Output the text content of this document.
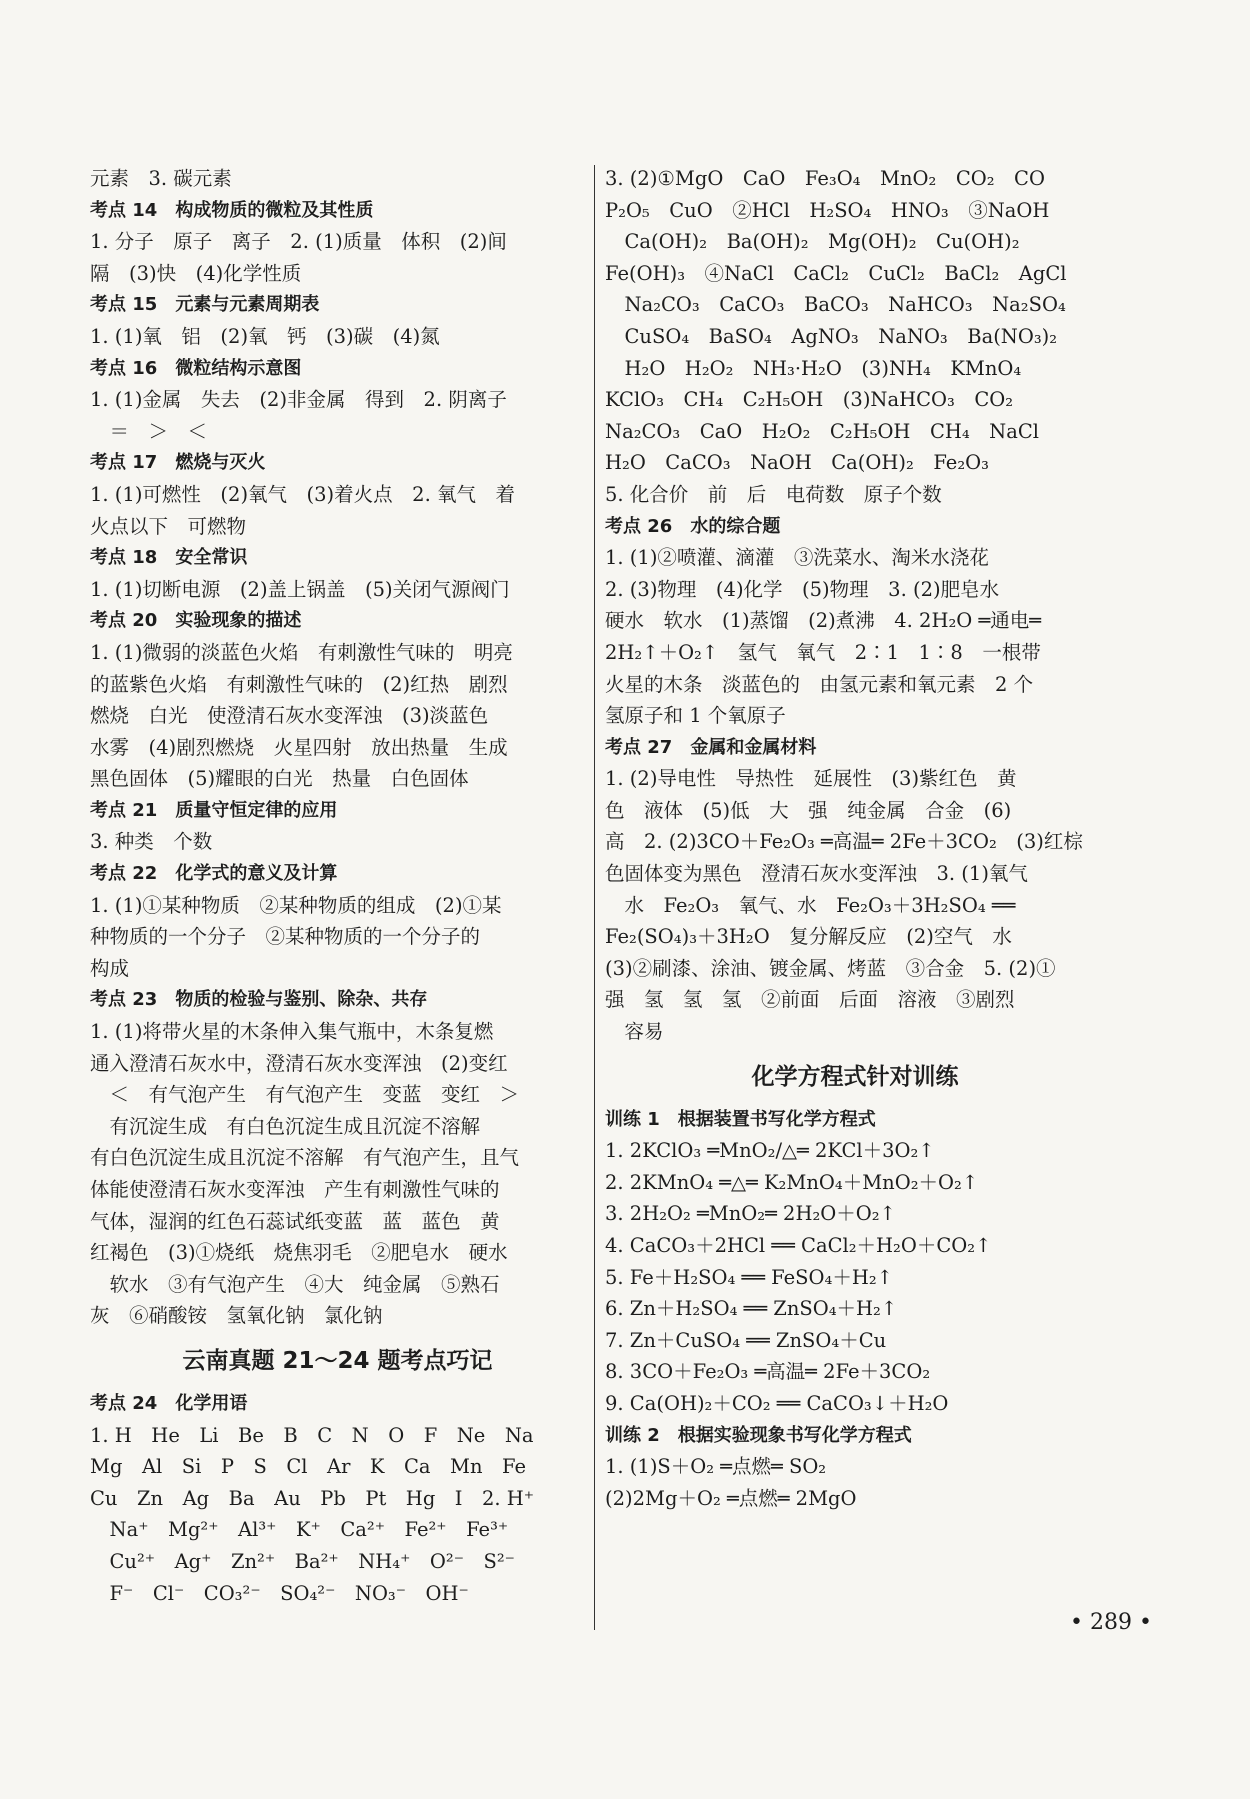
元素　3. 碳元素
考点 14　构成物质的微粒及其性质
1. 分子　原子　离子　2. (1)质量　体积　(2)间
隔　(3)快　(4)化学性质
考点 15　元素与元素周期表
1. (1)氧　铝　(2)氧　钙　(3)碳　(4)氮
考点 16　微粒结构示意图
1. (1)金属　失去　(2)非金属　得到　2. 阴离子
　＝　＞　＜
考点 17　燃烧与灭火
1. (1)可燃性　(2)氧气　(3)着火点　2. 氧气　着
火点以下　可燃物
考点 18　安全常识
1. (1)切断电源　(2)盖上锅盖　(5)关闭气源阀门
考点 20　实验现象的描述
1. (1)微弱的淡蓝色火焰　有刺激性气味的　明亮
的蓝紫色火焰　有刺激性气味的　(2)红热　剧烈
燃烧　白光　使澄清石灰水变浑浊　(3)淡蓝色
水雾　(4)剧烈燃烧　火星四射　放出热量　生成
黑色固体　(5)耀眼的白光　热量　白色固体
考点 21　质量守恒定律的应用
3. 种类　个数
考点 22　化学式的意义及计算
1. (1)①某种物质　②某种物质的组成　(2)①某
种物质的一个分子　②某种物质的一个分子的
构成
考点 23　物质的检验与鉴别、除杂、共存
1. (1)将带火星的木条伸入集气瓶中，木条复燃
通入澄清石灰水中，澄清石灰水变浑浊　(2)变红
　＜　有气泡产生　有气泡产生　变蓝　变红　＞
　有沉淀生成　有白色沉淀生成且沉淀不溶解
有白色沉淀生成且沉淀不溶解　有气泡产生，且气
体能使澄清石灰水变浑浊　产生有刺激性气味的
气体，湿润的红色石蕊试纸变蓝　蓝　蓝色　黄
红褐色　(3)①烧纸　烧焦羽毛　②肥皂水　硬水
　软水　③有气泡产生　④大　纯金属　⑤熟石
灰　⑥硝酸铵　氢氧化钠　氯化钠
云南真题 21～24 题考点巧记
考点 24　化学用语
1. H　He　Li　Be　B　C　N　O　F　Ne　Na
Mg　Al　Si　P　S　Cl　Ar　K　Ca　Mn　Fe
Cu　Zn　Ag　Ba　Au　Pb　Pt　Hg　I　2. H⁺
　Na⁺　Mg²⁺　Al³⁺　K⁺　Ca²⁺　Fe²⁺　Fe³⁺
　Cu²⁺　Ag⁺　Zn²⁺　Ba²⁺　NH₄⁺　O²⁻　S²⁻
　F⁻　Cl⁻　CO₃²⁻　SO₄²⁻　NO₃⁻　OH⁻
3. (2)①MgO　CaO　Fe₃O₄　MnO₂　CO₂　CO
P₂O₅　CuO　②HCl　H₂SO₄　HNO₃　③NaOH
　Ca(OH)₂　Ba(OH)₂　Mg(OH)₂　Cu(OH)₂
Fe(OH)₃　④NaCl　CaCl₂　CuCl₂　BaCl₂　AgCl
　Na₂CO₃　CaCO₃　BaCO₃　NaHCO₃　Na₂SO₄
　CuSO₄　BaSO₄　AgNO₃　NaNO₃　Ba(NO₃)₂
　H₂O　H₂O₂　NH₃·H₂O　(3)NH₄　KMnO₄
KClO₃　CH₄　C₂H₅OH　(3)NaHCO₃　CO₂
Na₂CO₃　CaO　H₂O₂　C₂H₅OH　CH₄　NaCl
H₂O　CaCO₃　NaOH　Ca(OH)₂　Fe₂O₃
5. 化合价　前　后　电荷数　原子个数
考点 26　水的综合题
1. (1)②喷灌、滴灌　③洗菜水、淘米水浇花
2. (3)物理　(4)化学　(5)物理　3. (2)肥皂水
硬水　软水　(1)蒸馏　(2)煮沸　4. 2H₂O ═通电═
2H₂↑＋O₂↑　氢气　氧气　2∶1　1∶8　一根带
火星的木条　淡蓝色的　由氢元素和氧元素　2 个
氢原子和 1 个氧原子
考点 27　金属和金属材料
1. (2)导电性　导热性　延展性　(3)紫红色　黄
色　液体　(5)低　大　强　纯金属　合金　(6)
高　2. (2)3CO＋Fe₂O₃ ═高温═ 2Fe＋3CO₂　(3)红棕
色固体变为黑色　澄清石灰水变浑浊　3. (1)氧气
　水　Fe₂O₃　氧气、水　Fe₂O₃＋3H₂SO₄ ══
Fe₂(SO₄)₃＋3H₂O　复分解反应　(2)空气　水
(3)②刷漆、涂油、镀金属、烤蓝　③合金　5. (2)①
强　氢　氢　氢　②前面　后面　溶液　③剧烈
　容易
化学方程式针对训练
训练 1　根据装置书写化学方程式
1. 2KClO₃ ═MnO₂/△═ 2KCl＋3O₂↑
2. 2KMnO₄ ═△═ K₂MnO₄＋MnO₂＋O₂↑
3. 2H₂O₂ ═MnO₂═ 2H₂O＋O₂↑
4. CaCO₃＋2HCl ══ CaCl₂＋H₂O＋CO₂↑
5. Fe＋H₂SO₄ ══ FeSO₄＋H₂↑
6. Zn＋H₂SO₄ ══ ZnSO₄＋H₂↑
7. Zn＋CuSO₄ ══ ZnSO₄＋Cu
8. 3CO＋Fe₂O₃ ═高温═ 2Fe＋3CO₂
9. Ca(OH)₂＋CO₂ ══ CaCO₃↓＋H₂O
训练 2　根据实验现象书写化学方程式
1. (1)S＋O₂ ═点燃═ SO₂
(2)2Mg＋O₂ ═点燃═ 2MgO
• 289 •
